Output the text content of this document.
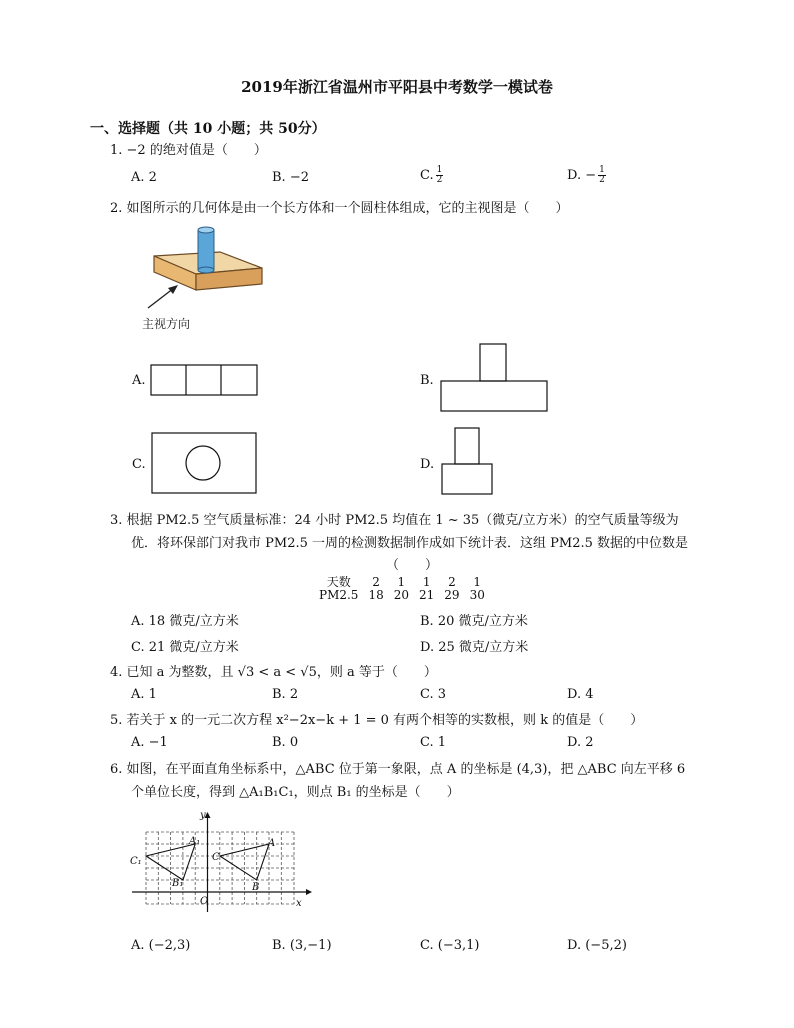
2019年浙江省温州市平阳县中考数学一模试卷
一、选择题（共 10 小题；共 50分）
1. −2 的绝对值是（　　）
A. 2	B. −2	C. $\frac{1}{2}$	D. − $\frac{1}{2}$
2. 如图所示的几何体是由一个长方体和一个圆柱体组成，它的主视图是（　　）
主视方向
A.	B.
C.	D.
3. 根据 PM2.5 空气质量标准：24 小时 PM2.5 均值在 1 ~ 35（微克/立方米）的空气质量等级为
优．将环保部门对我市 PM2.5 一周的检测数据制作成如下统计表．这组 PM2.5 数据的中位数是
（　　）
天数	2	1	1	2	1
PM2.5	18	20	21	29	30
A. 18 微克/立方米	B. 20 微克/立方米
C. 21 微克/立方米	D. 25 微克/立方米
4. 已知 a 为整数，且 √3 < a < √5，则 a 等于（　　）
A. 1	B. 2	C. 3	D. 4
5. 若关于 x 的一元二次方程 x²−2x−k + 1 = 0 有两个相等的实数根，则 k 的值是（　　）
A. −1	B. 0	C. 1	D. 2
6. 如图，在平面直角坐标系中，△ABC 位于第一象限，点 A 的坐标是 (4,3)，把 △ABC 向左平移 6
个单位长度，得到 △A₁B₁C₁，则点 B₁ 的坐标是（　　）
y
x
O
A
B
C
A₁
B₁
C₁
A. (−2,3)	B. (3,−1)	C. (−3,1)	D. (−5,2)
